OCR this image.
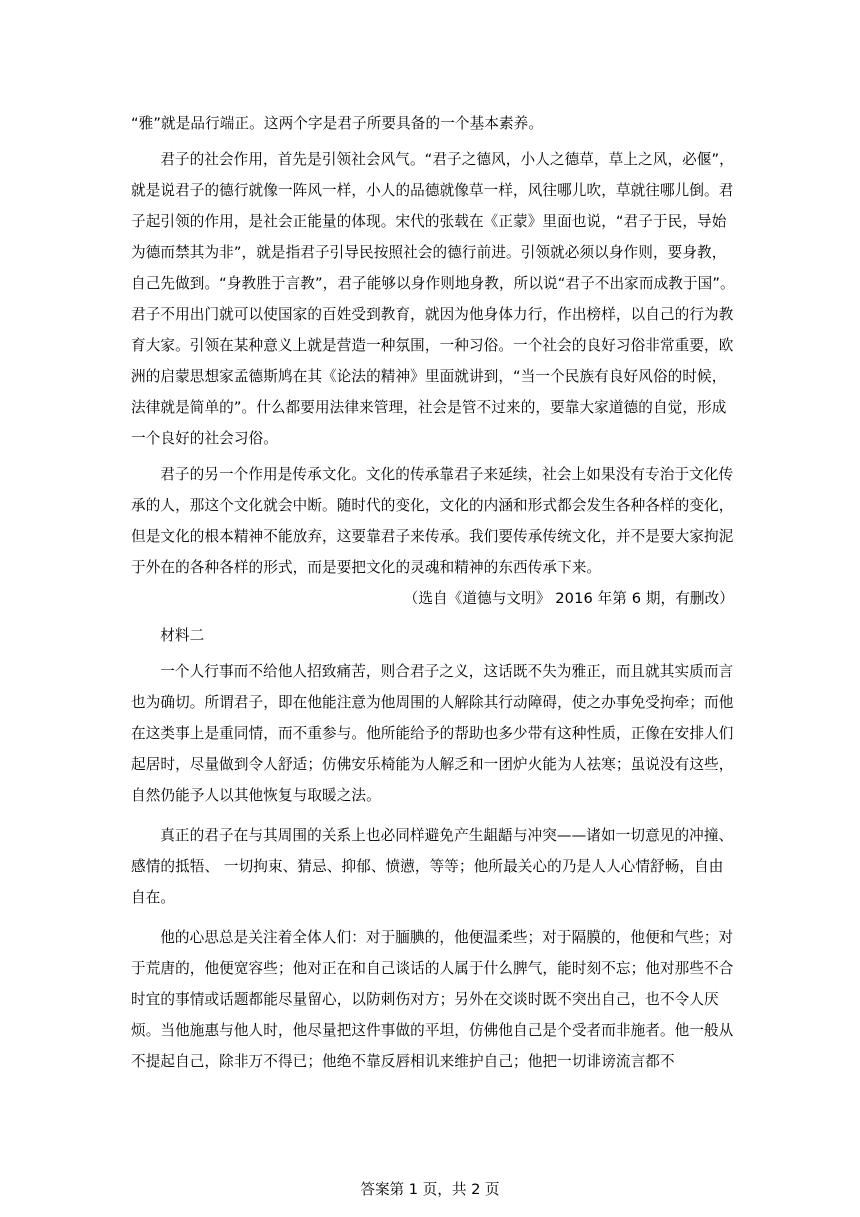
“雅”就是品行端正。这两个字是君子所要具备的一个基本素养。

君子的社会作用，首先是引领社会风气。“君子之德风，小人之德草，草上之风，必偃”，就是说君子的德行就像一阵风一样，小人的品德就像草一样，风往哪儿吹，草就往哪儿倒。君子起引领的作用，是社会正能量的体现。宋代的张载在《正蒙》里面也说，“君子于民，导始为德而禁其为非”，就是指君子引导民按照社会的德行前进。引领就必须以身作则，要身教，自己先做到。“身教胜于言教”，君子能够以身作则地身教，所以说“君子不出家而成教于国”。君子不用出门就可以使国家的百姓受到教育，就因为他身体力行，作出榜样，以自己的行为教育大家。引领在某种意义上就是营造一种氛围，一种习俗。一个社会的良好习俗非常重要，欧洲的启蒙思想家孟德斯鸠在其《论法的精神》里面就讲到，“当一个民族有良好风俗的时候，法律就是简单的”。什么都要用法律来管理，社会是管不过来的，要靠大家道德的自觉，形成一个良好的社会习俗。

君子的另一个作用是传承文化。文化的传承靠君子来延续，社会上如果没有专治于文化传承的人，那这个文化就会中断。随时代的变化，文化的内涵和形式都会发生各种各样的变化，但是文化的根本精神不能放弃，这要靠君子来传承。我们要传承传统文化，并不是要大家拘泥于外在的各种各样的形式，而是要把文化的灵魂和精神的东西传承下来。

（选自《道德与文明》 2016 年第 6 期，有删改）

材料二

一个人行事而不给他人招致痛苦，则合君子之义，这话既不失为雅正，而且就其实质而言也为确切。所谓君子，即在他能注意为他周围的人解除其行动障碍，使之办事免受拘牵；而他在这类事上是重同情，而不重参与。他所能给予的帮助也多少带有这种性质，正像在安排人们起居时，尽量做到令人舒适；仿佛安乐椅能为人解乏和一团炉火能为人祛寒；虽说没有这些，自然仍能予人以其他恢复与取暖之法。

真正的君子在与其周围的关系上也必同样避免产生龃龉与冲突——诸如一切意见的冲撞、感情的抵牾、 一切拘束、猜忌、抑郁、愤懑，等等；他所最关心的乃是人人心情舒畅，自由自在。

他的心思总是关注着全体人们：对于腼腆的，他便温柔些；对于隔膜的，他便和气些；对于荒唐的，他便宽容些；他对正在和自己谈话的人属于什么脾气，能时刻不忘；他对那些不合时宜的事情或话题都能尽量留心，以防刺伤对方；另外在交谈时既不突出自己，也不令人厌烦。当他施惠与他人时，他尽量把这件事做的平坦，仿佛他自己是个受者而非施者。他一般从不提起自己，除非万不得已；他绝不靠反唇相讥来维护自己；他把一切诽谤流言都不

答案第 1 页，共 2 页
